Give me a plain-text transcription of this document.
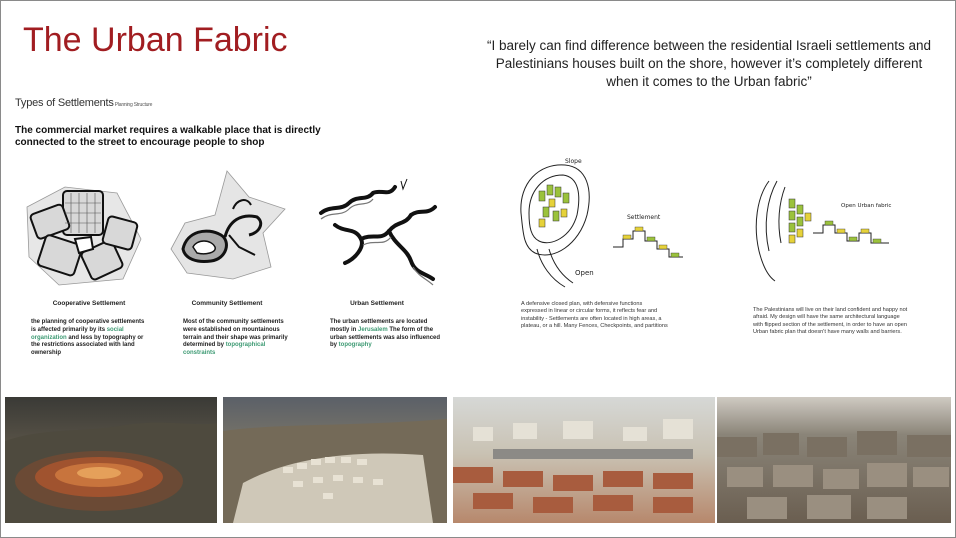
The Urban Fabric	“I barely can find difference between the residential Israeli settlements and Palestinians houses built on the shore, however it’s completely different when it comes to the Urban fabric”
Types of SettlementsPlanning Structure
The commercial market requires a walkable place that is directly connected to the street to encourage people to shop
Cooperative Settlement	Community Settlement	Urban Settlement
the planning of cooperative settlements is affected primarily by its social organization and less by topography or the restrictions associated with land ownership
Most of the community settlements were established on mountainous terrain and their shape was primarily determined by topographical constraints
The urban settlements are located mostly in Jerusalem The form of the urban settlements was also influenced by topography
Slope
Settlement
Open
Open Urban fabric
A defensive closed plan, with defensive functions expressed in linear or circular forms, it reflects fear and instability - Settlements are often located in high areas, a plateau, or a hill. Many Fences, Checkpoints, and partitions
The Palestinians will live on their land confident and happy not afraid. My design will have the same architectural language with flipped section of the settlement, in order to have an open Urban fabric plan that doesn't have many walls and barriers.
